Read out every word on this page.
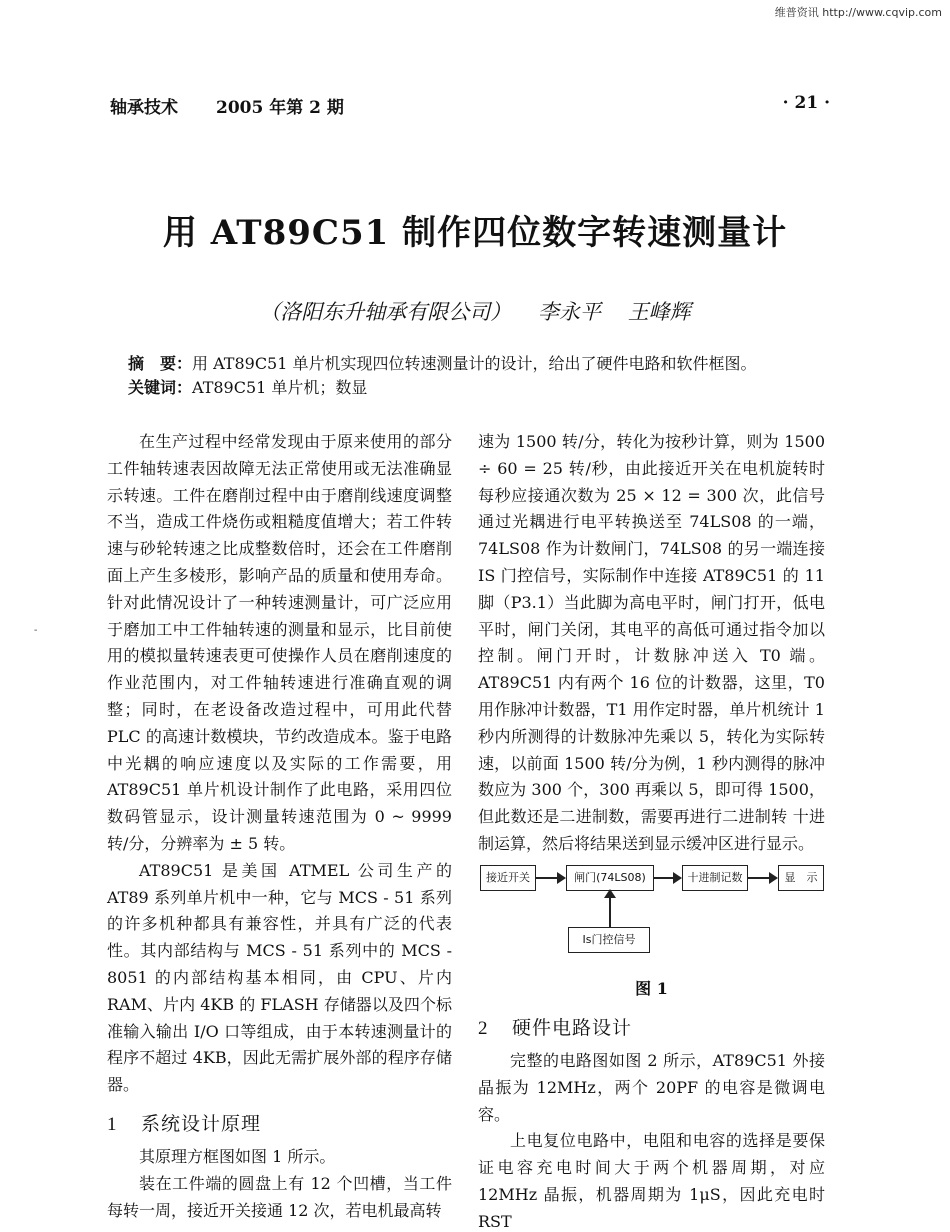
维普资讯 http://www.cqvip.com
轴承技术 2005 年第 2 期	· 21 ·
用 AT89C51 制作四位数字转速测量计
（洛阳东升轴承有限公司） 李永平 王峰辉
摘　要：用 AT89C51 单片机实现四位转速测量计的设计，给出了硬件电路和软件框图。
关键词：AT89C51 单片机；数显
-

在生产过程中经常发现由于原来使用的部分工件轴转速表因故障无法正常使用或无法准确显示转速。工件在磨削过程中由于磨削线速度调整不当，造成工件烧伤或粗糙度值增大；若工件转速与砂轮转速之比成整数倍时，还会在工件磨削面上产生多棱形，影响产品的质量和使用寿命。针对此情况设计了一种转速测量计，可广泛应用于磨加工中工件轴转速的测量和显示，比目前使用的模拟量转速表更可使操作人员在磨削速度的作业范围内，对工件轴转速进行准确直观的调整；同时，在老设备改造过程中，可用此代替 PLC 的高速计数模块，节约改造成本。鉴于电路中光耦的响应速度以及实际的工作需要，用 AT89C51 单片机设计制作了此电路，采用四位数码管显示，设计测量转速范围为 0 ~ 9999 转/分，分辨率为 ± 5 转。

AT89C51 是美国 ATMEL 公司生产的 AT89 系列单片机中一种，它与 MCS - 51 系列的许多机种都具有兼容性，并具有广泛的代表性。其内部结构与 MCS - 51 系列中的 MCS - 8051 的内部结构基本相同，由 CPU、片内 RAM、片内 4KB 的 FLASH 存储器以及四个标准输入输出 I/O 口等组成，由于本转速测量计的程序不超过 4KB，因此无需扩展外部的程序存储器。

1 系统设计原理

其原理方框图如图 1 所示。

装在工件端的圆盘上有 12 个凹槽，当工件每转一周，接近开关接通 12 次，若电机最高转

速为 1500 转/分，转化为按秒计算，则为 1500 ÷ 60 = 25 转/秒，由此接近开关在电机旋转时每秒应接通次数为 25 × 12 = 300 次，此信号通过光耦进行电平转换送至 74LS08 的一端，74LS08 作为计数闸门，74LS08 的另一端连接 IS 门控信号，实际制作中连接 AT89C51 的 11 脚（P3.1）当此脚为高电平时，闸门打开，低电平时，闸门关闭，其电平的高低可通过指令加以控制。闸门开时，计数脉冲送入 T0 端。AT89C51 内有两个 16 位的计数器，这里，T0 用作脉冲计数器，T1 用作定时器，单片机统计 1 秒内所测得的计数脉冲先乘以 5，转化为实际转速，以前面 1500 转/分为例，1 秒内测得的脉冲数应为 300 个，300 再乘以 5，即可得 1500，但此数还是二进制数，需要再进行二进制转 十进制运算，然后将结果送到显示缓冲区进行显示。

接近开关	闸门(74LS08)	十进制记数	显　示
Is门控信号
图 1
2 硬件电路设计

完整的电路图如图 2 所示，AT89C51 外接晶振为 12MHz，两个 20PF 的电容是微调电容。

上电复位电路中，电阻和电容的选择是要保证电容充电时间大于两个机器周期，对应 12MHz 晶振，机器周期为 1μS，因此充电时 RST
